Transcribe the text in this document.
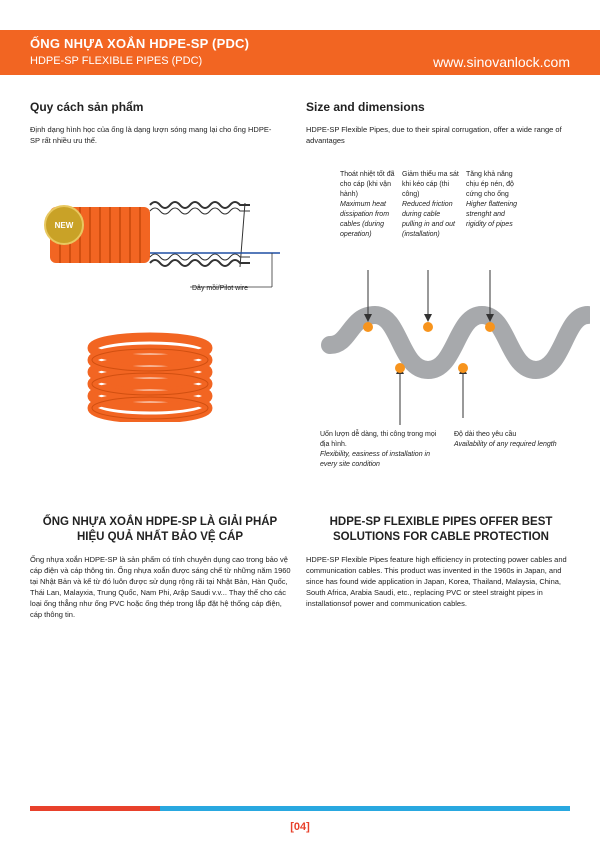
ỐNG NHỰA XOẮN HDPE-SP (PDC)
HDPE-SP FLEXIBLE PIPES (PDC)	www.sinovanlock.com
Quy cách sản phẩm
Định dạng hình học của ống là dạng lượn sóng mang lại cho ống HDPE-SP rất nhiều ưu thế.
NEW
Dây mồi/Pilot wire
Size and dimensions
HDPE-SP Flexible Pipes, due to their spiral corrugation, offer a wide range of advantages
Thoát nhiệt tốt đã cho cáp (khi vận hành)
Maximum heat dissipation from cables (during operation)
Giảm thiểu ma sát khi kéo cáp (thi công)
Reduced friction during cable pulling in and out (installation)
Tăng khả năng chịu ép nén, độ cứng cho ống
Higher flattening strenght and rigidity of pipes
Uốn lượn dễ dàng, thi công trong mọi địa hình.
Flexibility, easiness of installation in every site condition
Độ dài theo yêu cầu
Availability of any required length
ỐNG NHỰA XOẮN HDPE-SP LÀ GIẢI PHÁP HIỆU QUẢ NHẤT BẢO VỆ CÁP
Ống nhựa xoắn HDPE-SP là sản phẩm có tính chuyên dụng cao trong bảo vệ cáp điện và cáp thông tin. Ống nhựa xoắn được sáng chế từ những năm 1960 tại Nhật Bản và kể từ đó luôn được sử dụng rộng rãi tại Nhật Bản, Hàn Quốc, Thái Lan, Malayxia, Trung Quốc, Nam Phi, Arập Saudi v.v... Thay thế cho các loại ống thẳng như ống PVC hoặc ống thép trong lắp đặt hệ thống cáp điện, cáp thông tin.
HDPE-SP FLEXIBLE PIPES OFFER BEST SOLUTIONS FOR CABLE PROTECTION
HDPE-SP Flexible Pipes feature high efficiency in protecting power cables and communication cables. This product was invented in the 1960s in Japan, and since has found wide application in Japan, Korea, Thailand, Malaysia, China, South Africa, Arabia Saudi, etc., replacing PVC or steel straight pipes in installationsof power and communication cables.
[04]
